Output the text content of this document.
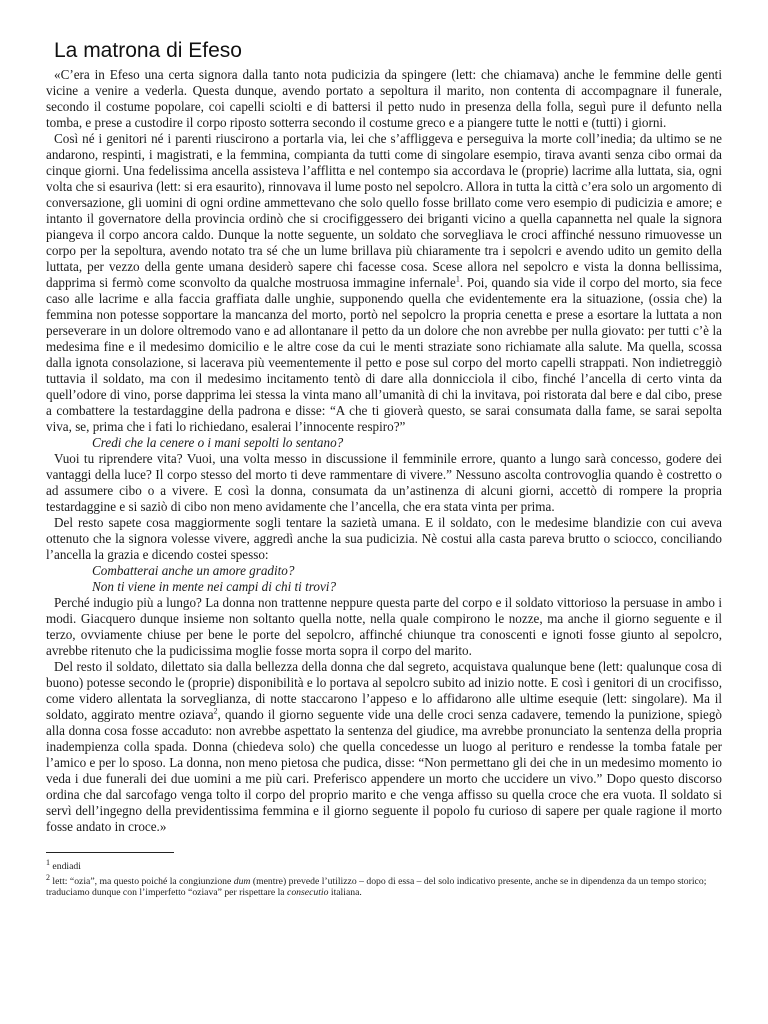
La matrona di Efeso

«C’era in Efeso una certa signora dalla tanto nota pudicizia da spingere (lett: che chiamava) anche le femmine delle genti vicine a venire a vederla. Questa dunque, avendo portato a sepoltura il marito, non contenta di accompagnare il funerale, secondo il costume popolare, coi capelli sciolti e di battersi il petto nudo in presenza della folla, seguì pure il defunto nella tomba, e prese a custodire il corpo riposto sotterra secondo il costume greco e a piangere tutte le notti e (tutti) i giorni.

Così né i genitori né i parenti riuscirono a portarla via, lei che s’affliggeva e perseguiva la morte coll’inedia; da ultimo se ne andarono, respinti, i magistrati, e la femmina, compianta da tutti come di singolare esempio, tirava avanti senza cibo ormai da cinque giorni. Una fedelissima ancella assisteva l’afflitta e nel contempo sia accordava le (proprie) lacrime alla luttata, sia, ogni volta che si esauriva (lett: si era esaurito), rinnovava il lume posto nel sepolcro. Allora in tutta la città c’era solo un argomento di conversazione, gli uomini di ogni ordine ammettevano che solo quello fosse brillato come vero esempio di pudicizia e amore; e intanto il governatore della provincia ordinò che si crocifiggessero dei briganti vicino a quella capannetta nel quale la signora piangeva il corpo ancora caldo. Dunque la notte seguente, un soldato che sorvegliava le croci affinché nessuno rimuovesse un corpo per la sepoltura, avendo notato tra sé che un lume brillava più chiaramente tra i sepolcri e avendo udito un gemito della luttata, per vezzo della gente umana desiderò sapere chi facesse cosa. Scese allora nel sepolcro e vista la donna bellissima, dapprima si fermò come sconvolto da qualche mostruosa immagine infernale$^1$. Poi, quando sia vide il corpo del morto, sia fece caso alle lacrime e alla faccia graffiata dalle unghie, supponendo quella che evidentemente era la situazione, (ossia che) la femmina non potesse sopportare la mancanza del morto, portò nel sepolcro la propria cenetta e prese a esortare la luttata a non perseverare in un dolore oltremodo vano e ad allontanare il petto da un dolore che non avrebbe per nulla giovato: per tutti c’è la medesima fine e il medesimo domicilio e le altre cose da cui le menti straziate sono richiamate alla salute. Ma quella, scossa dalla ignota consolazione, si lacerava più veementemente il petto e pose sul corpo del morto capelli strappati. Non indietreggiò tuttavia il soldato, ma con il medesimo incitamento tentò di dare alla donnicciola il cibo, finché l’ancella di certo vinta da quell’odore di vino, porse dapprima lei stessa la vinta mano all’umanità di chi la invitava, poi ristorata dal bere e dal cibo, prese a combattere la testardaggine della padrona e disse: “A che ti gioverà questo, se sarai consumata dalla fame, se sarai sepolta viva, se, prima che i fati lo richiedano, esalerai l’innocente respiro?”

Credi che la cenere o i mani sepolti lo sentano?

Vuoi tu riprendere vita? Vuoi, una volta messo in discussione il femminile errore, quanto a lungo sarà concesso, godere dei vantaggi della luce? Il corpo stesso del morto ti deve rammentare di vivere.” Nessuno ascolta controvoglia quando è costretto o ad assumere cibo o a vivere. E così la donna, consumata da un’astinenza di alcuni giorni, accettò di rompere la propria testardaggine e si saziò di cibo non meno avidamente che l’ancella, che era stata vinta per prima.

Del resto sapete cosa maggiormente sogli tentare la sazietà umana. E il soldato, con le medesime blandizie con cui aveva ottenuto che la signora volesse vivere, aggredì anche la sua pudicizia. Nè costui alla casta pareva brutto o sciocco, conciliando l’ancella la grazia e dicendo costei spesso:

Combatterai anche un amore gradito?
Non ti viene in mente nei campi di chi ti trovi?

Perché indugio più a lungo? La donna non trattenne neppure questa parte del corpo e il soldato vittorioso la persuase in ambo i modi. Giacquero dunque insieme non soltanto quella notte, nella quale compirono le nozze, ma anche il giorno seguente e il terzo, ovviamente chiuse per bene le porte del sepolcro, affinché chiunque tra conoscenti e ignoti fosse giunto al sepolcro, avrebbe ritenuto che la pudicissima moglie fosse morta sopra il corpo del marito.

Del resto il soldato, dilettato sia dalla bellezza della donna che dal segreto, acquistava qualunque bene (lett: qualunque cosa di buono) potesse secondo le (proprie) disponibilità e lo portava al sepolcro subito ad inizio notte. E così i genitori di un crocifisso, come videro allentata la sorveglianza, di notte staccarono l’appeso e lo affidarono alle ultime esequie (lett: singolare). Ma il soldato, aggirato mentre oziava$^2$, quando il giorno seguente vide una delle croci senza cadavere, temendo la punizione, spiegò alla donna cosa fosse accaduto: non avrebbe aspettato la sentenza del giudice, ma avrebbe pronunciato la sentenza della propria inadempienza colla spada. Donna (chiedeva solo) che quella concedesse un luogo al perituro e rendesse la tomba fatale per l’amico e per lo sposo. La donna, non meno pietosa che pudica, disse: “Non permettano gli dei che in un medesimo momento io veda i due funerali dei due uomini a me più cari. Preferisco appendere un morto che uccidere un vivo.” Dopo questo discorso ordina che dal sarcofago venga tolto il corpo del proprio marito e che venga affisso su quella croce che era vuota. Il soldato si servì dell’ingegno della previdentissima femmina e il giorno seguente il popolo fu curioso di sapere per quale ragione il morto fosse andato in croce.»

$^1$ endiadi

$^2$ lett: “ozia”, ma questo poiché la congiunzione dum (mentre) prevede l’utilizzo – dopo di essa – del solo indicativo presente, anche se in dipendenza da un tempo storico; traduciamo dunque con l’imperfetto “oziava” per rispettare la consecutio italiana.
